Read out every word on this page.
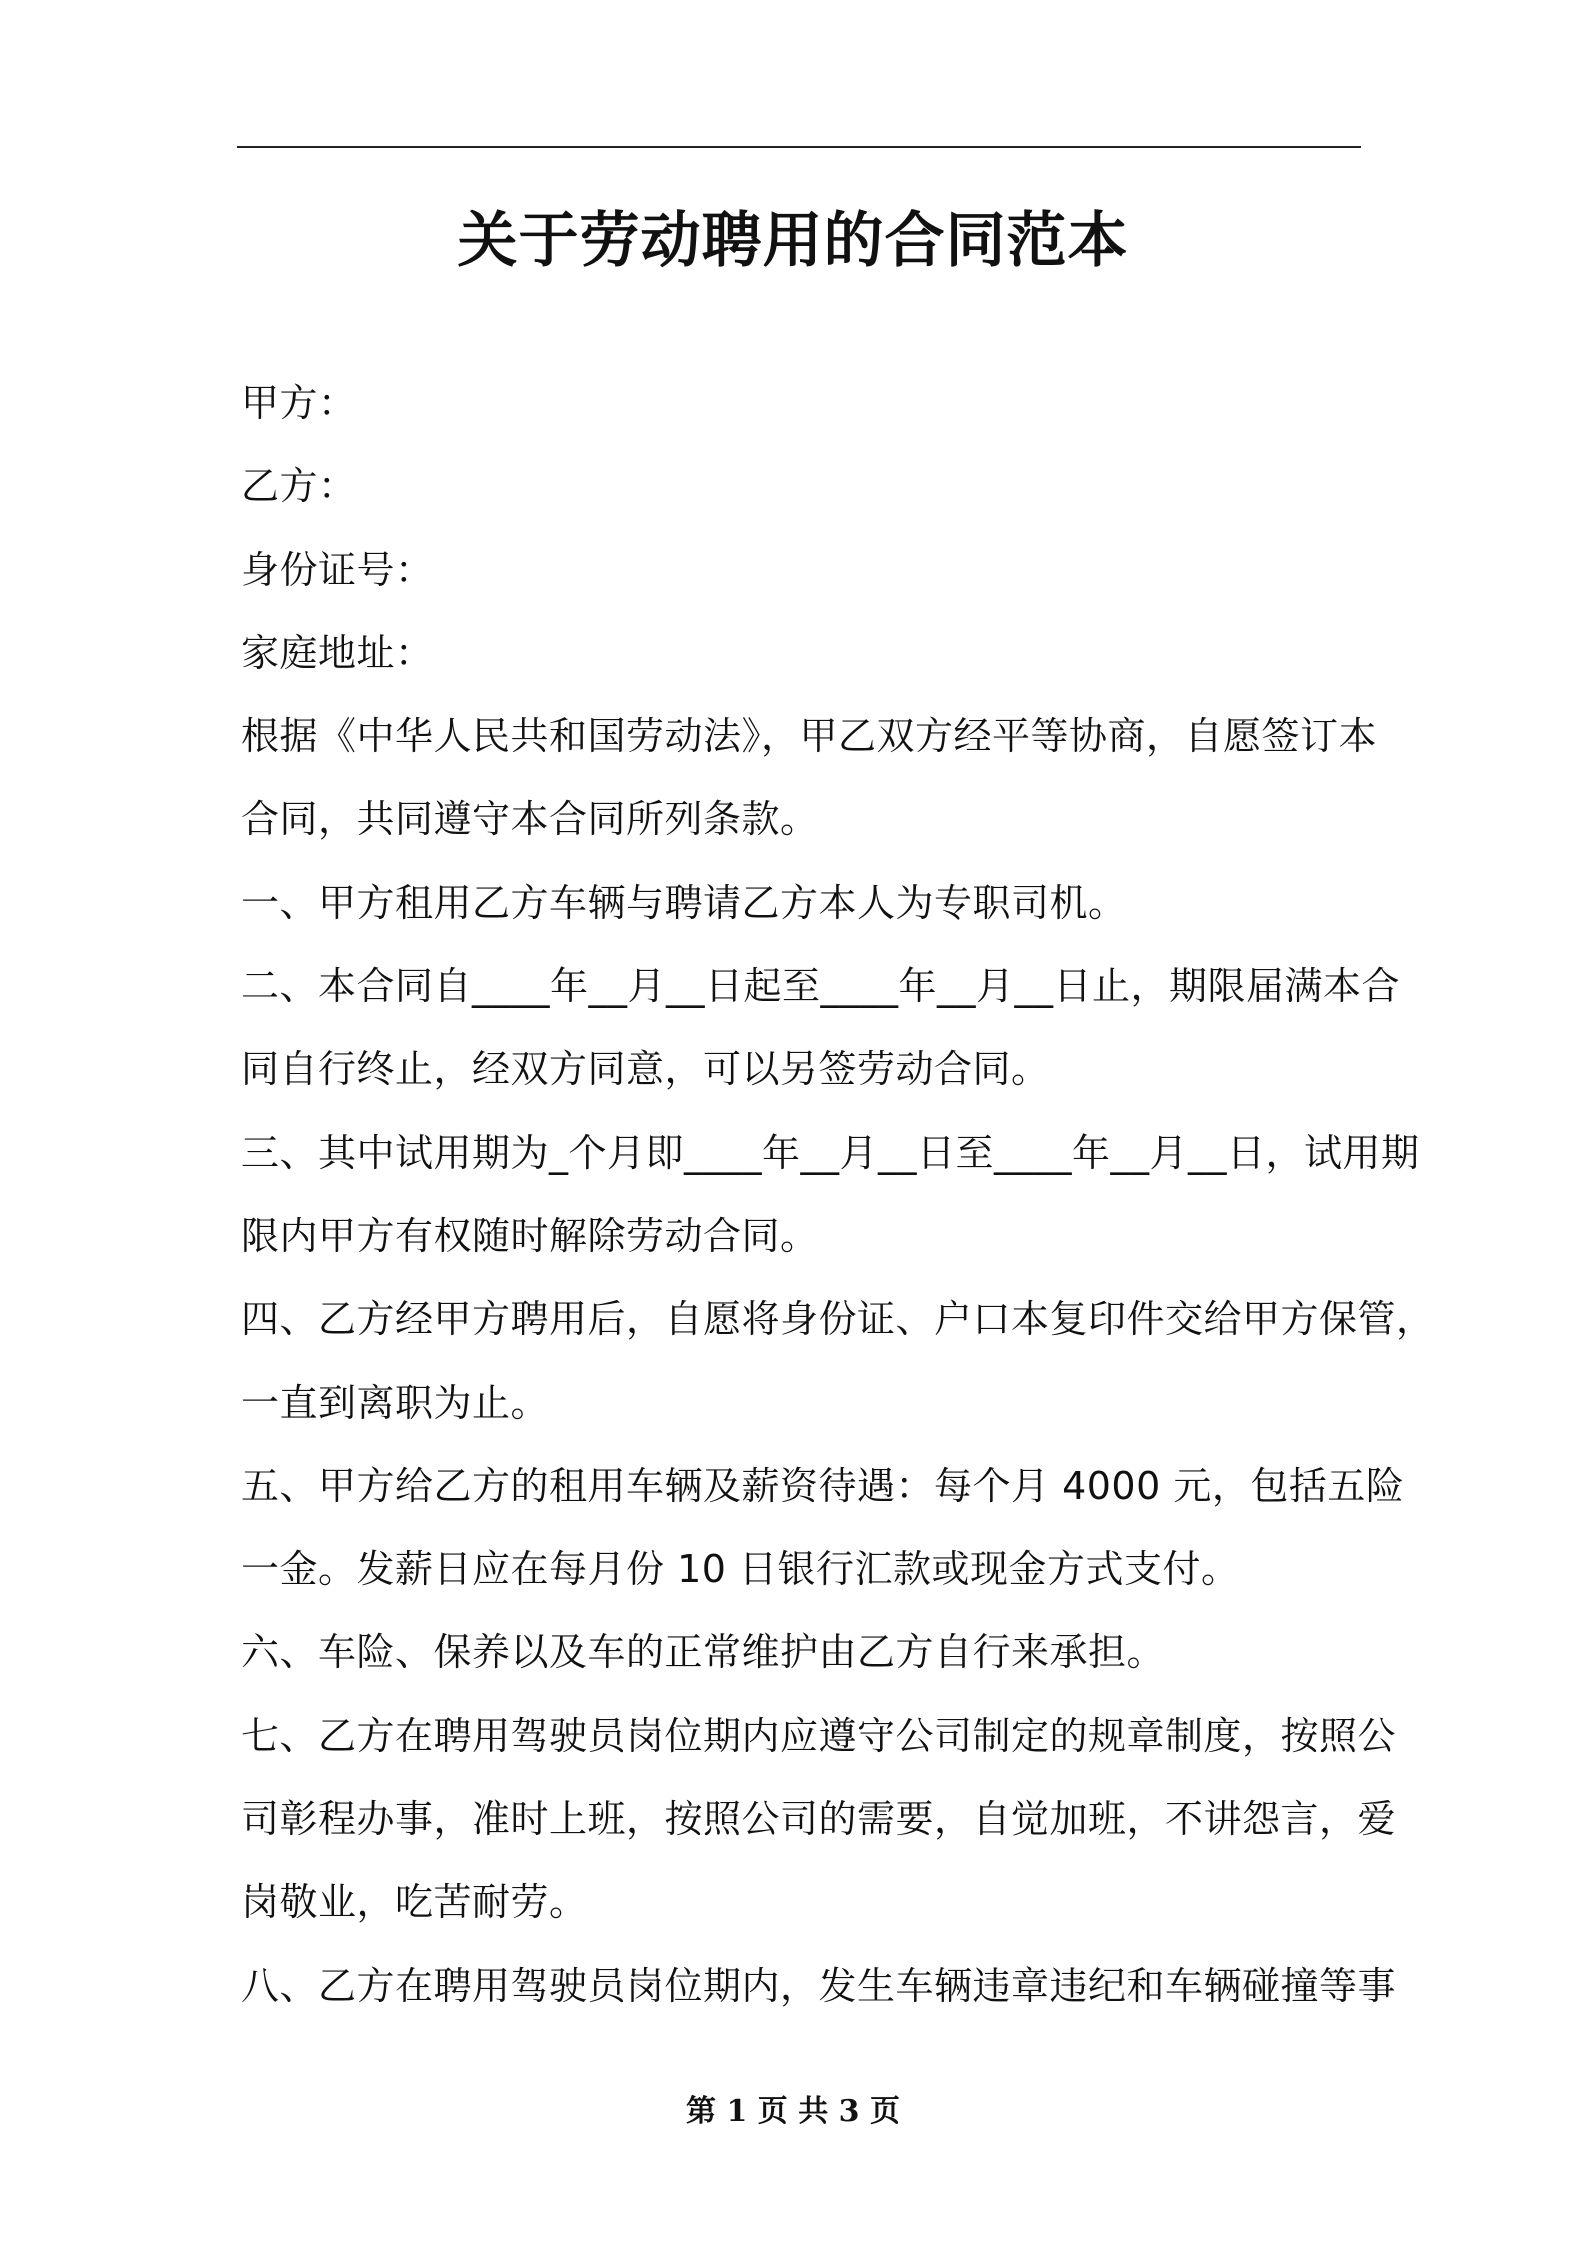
关于劳动聘用的合同范本
甲方：
乙方：
身份证号：
家庭地址：
根据《中华人民共和国劳动法》，甲乙双方经平等协商，自愿签订本
合同，共同遵守本合同所列条款。
一、甲方租用乙方车辆与聘请乙方本人为专职司机。
二、本合同自____年__月__日起至____年__月__日止，期限届满本合
同自行终止，经双方同意，可以另签劳动合同。
三、其中试用期为_个月即____年__月__日至____年__月__日，试用期
限内甲方有权随时解除劳动合同。
四、乙方经甲方聘用后，自愿将身份证、户口本复印件交给甲方保管，
一直到离职为止。
五、甲方给乙方的租用车辆及薪资待遇：每个月 4000 元，包括五险
一金。发薪日应在每月份 10 日银行汇款或现金方式支付。
六、车险、保养以及车的正常维护由乙方自行来承担。
七、乙方在聘用驾驶员岗位期内应遵守公司制定的规章制度，按照公
司彰程办事，准时上班，按照公司的需要，自觉加班，不讲怨言，爱
岗敬业，吃苦耐劳。
八、乙方在聘用驾驶员岗位期内，发生车辆违章违纪和车辆碰撞等事
第 1 页 共 3 页
